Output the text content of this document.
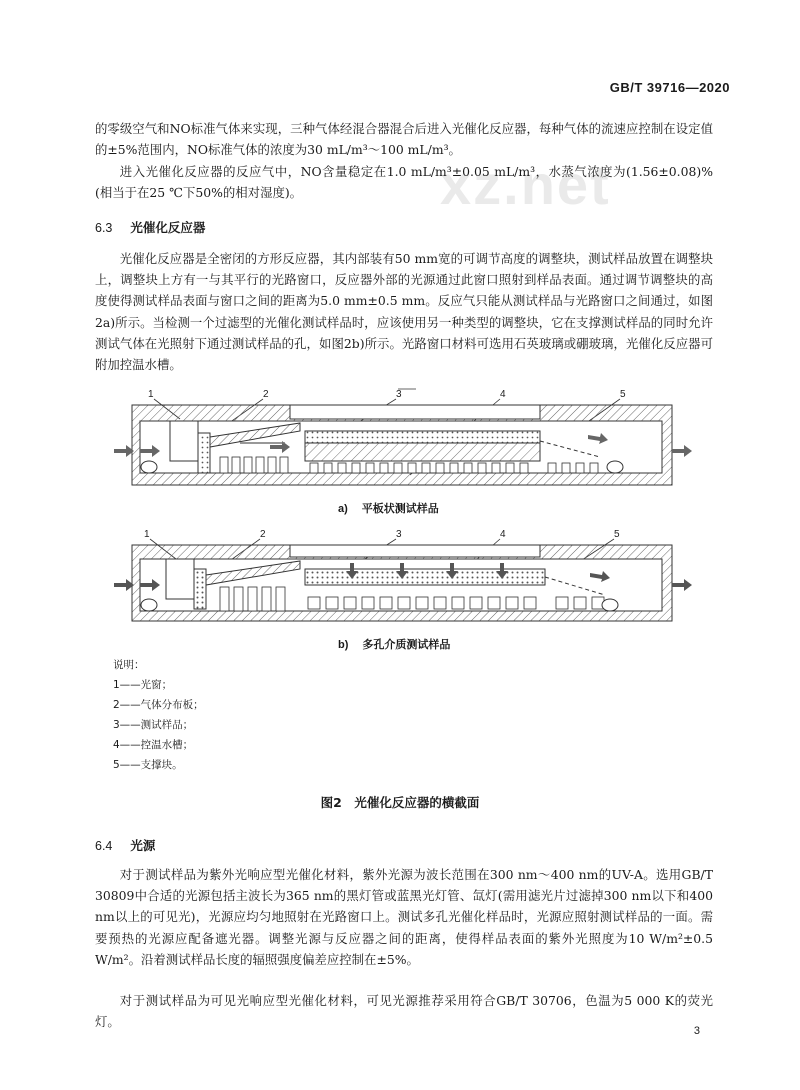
GB/T 39716—2020
xz.net

的零级空气和NO标准气体来实现，三种气体经混合器混合后进入光催化反应器，每种气体的流速应控制在设定值的±5%范围内，NO标准气体的浓度为30 mL/m³～100 mL/m³。

进入光催化反应器的反应气中，NO含量稳定在1.0 mL/m³±0.05 mL/m³，水蒸气浓度为(1.56±0.08)%(相当于在25 ℃下50%的相对湿度)。

6.3 光催化反应器

光催化反应器是全密闭的方形反应器，其内部装有50 mm宽的可调节高度的调整块，测试样品放置在调整块上，调整块上方有一与其平行的光路窗口，反应器外部的光源通过此窗口照射到样品表面。通过调节调整块的高度使得测试样品表面与窗口之间的距离为5.0 mm±0.5 mm。反应气只能从测试样品与光路窗口之间通过，如图2a)所示。当检测一个过滤型的光催化测试样品时，应该使用另一种类型的调整块，它在支撑测试样品的同时允许测试气体在光照射下通过测试样品的孔，如图2b)所示。光路窗口材料可选用石英玻璃或硼玻璃，光催化反应器可附加控温水槽。

1	2	3	4	5
a) 平板状测试样品
1	2	3	4	5
b) 多孔介质测试样品
说明：
1——光窗；
2——气体分布板；
3——测试样品；
4——控温水槽；
5——支撑块。
图2　光催化反应器的横截面
6.4 光源

对于测试样品为紫外光响应型光催化材料，紫外光源为波长范围在300 nm～400 nm的UV-A。选用GB/T 30809中合适的光源包括主波长为365 nm的黑灯管或蓝黑光灯管、氙灯(需用滤光片过滤掉300 nm以下和400 nm以上的可见光)，光源应均匀地照射在光路窗口上。测试多孔光催化样品时，光源应照射测试样品的一面。需要预热的光源应配备遮光器。调整光源与反应器之间的距离，使得样品表面的紫外光照度为10 W/m²±0.5 W/m²。沿着测试样品长度的辐照强度偏差应控制在±5%。

对于测试样品为可见光响应型光催化材料，可见光源推荐采用符合GB/T 30706，色温为5 000 K的荧光灯。

3
